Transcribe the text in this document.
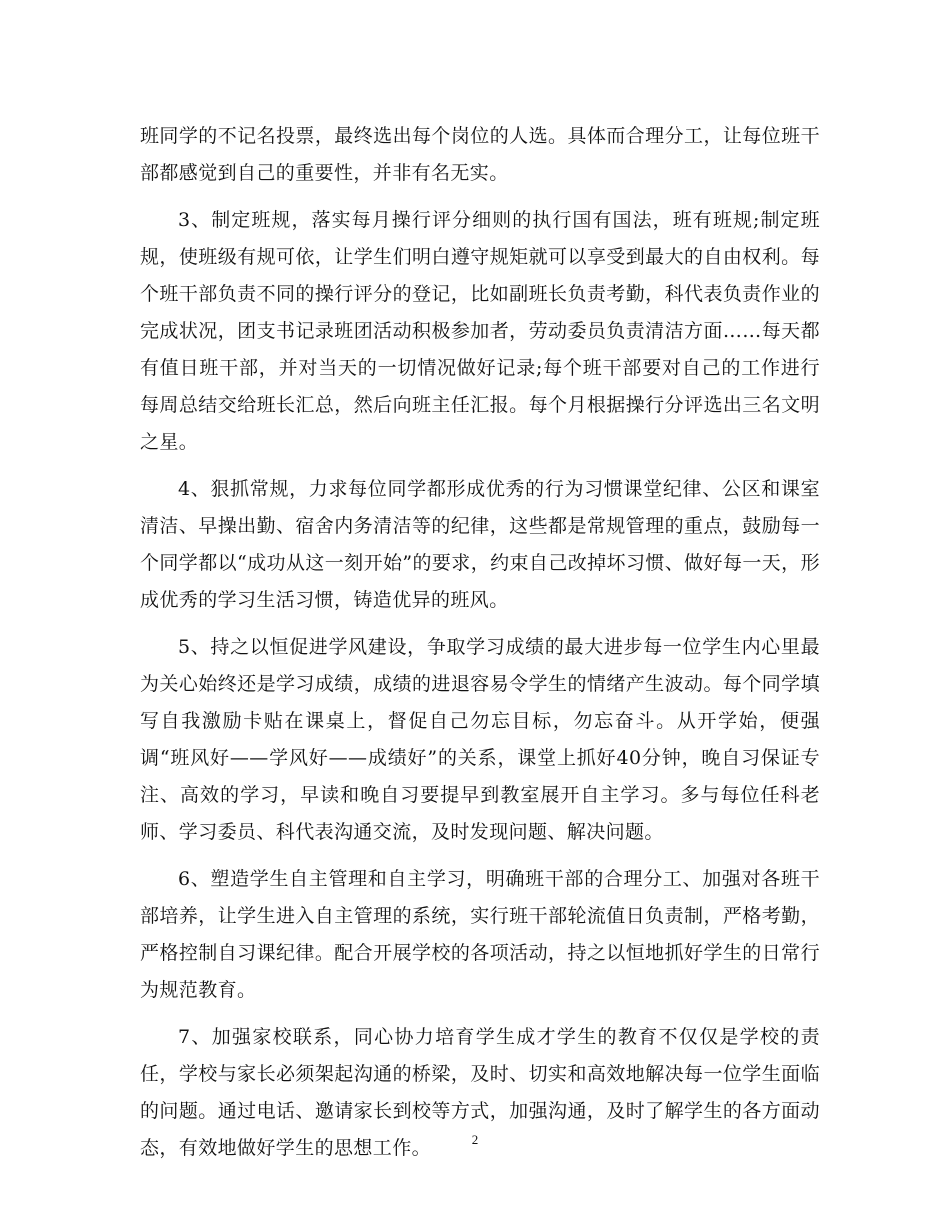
班同学的不记名投票，最终选出每个岗位的人选。具体而合理分工，让每位班干部都感觉到自己的重要性，并非有名无实。

3、制定班规，落实每月操行评分细则的执行国有国法，班有班规;制定班规，使班级有规可依，让学生们明白遵守规矩就可以享受到最大的自由权利。每个班干部负责不同的操行评分的登记，比如副班长负责考勤，科代表负责作业的完成状况，团支书记录班团活动积极参加者，劳动委员负责清洁方面……每天都有值日班干部，并对当天的一切情况做好记录;每个班干部要对自己的工作进行每周总结交给班长汇总，然后向班主任汇报。每个月根据操行分评选出三名文明之星。

4、狠抓常规，力求每位同学都形成优秀的行为习惯课堂纪律、公区和课室清洁、早操出勤、宿舍内务清洁等的纪律，这些都是常规管理的重点，鼓励每一个同学都以“成功从这一刻开始”的要求，约束自己改掉坏习惯、做好每一天，形成优秀的学习生活习惯，铸造优异的班风。

5、持之以恒促进学风建设，争取学习成绩的最大进步每一位学生内心里最为关心始终还是学习成绩，成绩的进退容易令学生的情绪产生波动。每个同学填写自我激励卡贴在课桌上，督促自己勿忘目标，勿忘奋斗。从开学始，便强调“班风好——学风好——成绩好”的关系，课堂上抓好40分钟，晚自习保证专注、高效的学习，早读和晚自习要提早到教室展开自主学习。多与每位任科老师、学习委员、科代表沟通交流，及时发现问题、解决问题。

6、塑造学生自主管理和自主学习，明确班干部的合理分工、加强对各班干部培养，让学生进入自主管理的系统，实行班干部轮流值日负责制，严格考勤，严格控制自习课纪律。配合开展学校的各项活动，持之以恒地抓好学生的日常行为规范教育。

7、加强家校联系，同心协力培育学生成才学生的教育不仅仅是学校的责任，学校与家长必须架起沟通的桥梁，及时、切实和高效地解决每一位学生面临的问题。通过电话、邀请家长到校等方式，加强沟通，及时了解学生的各方面动态，有效地做好学生的思想工作。	2
